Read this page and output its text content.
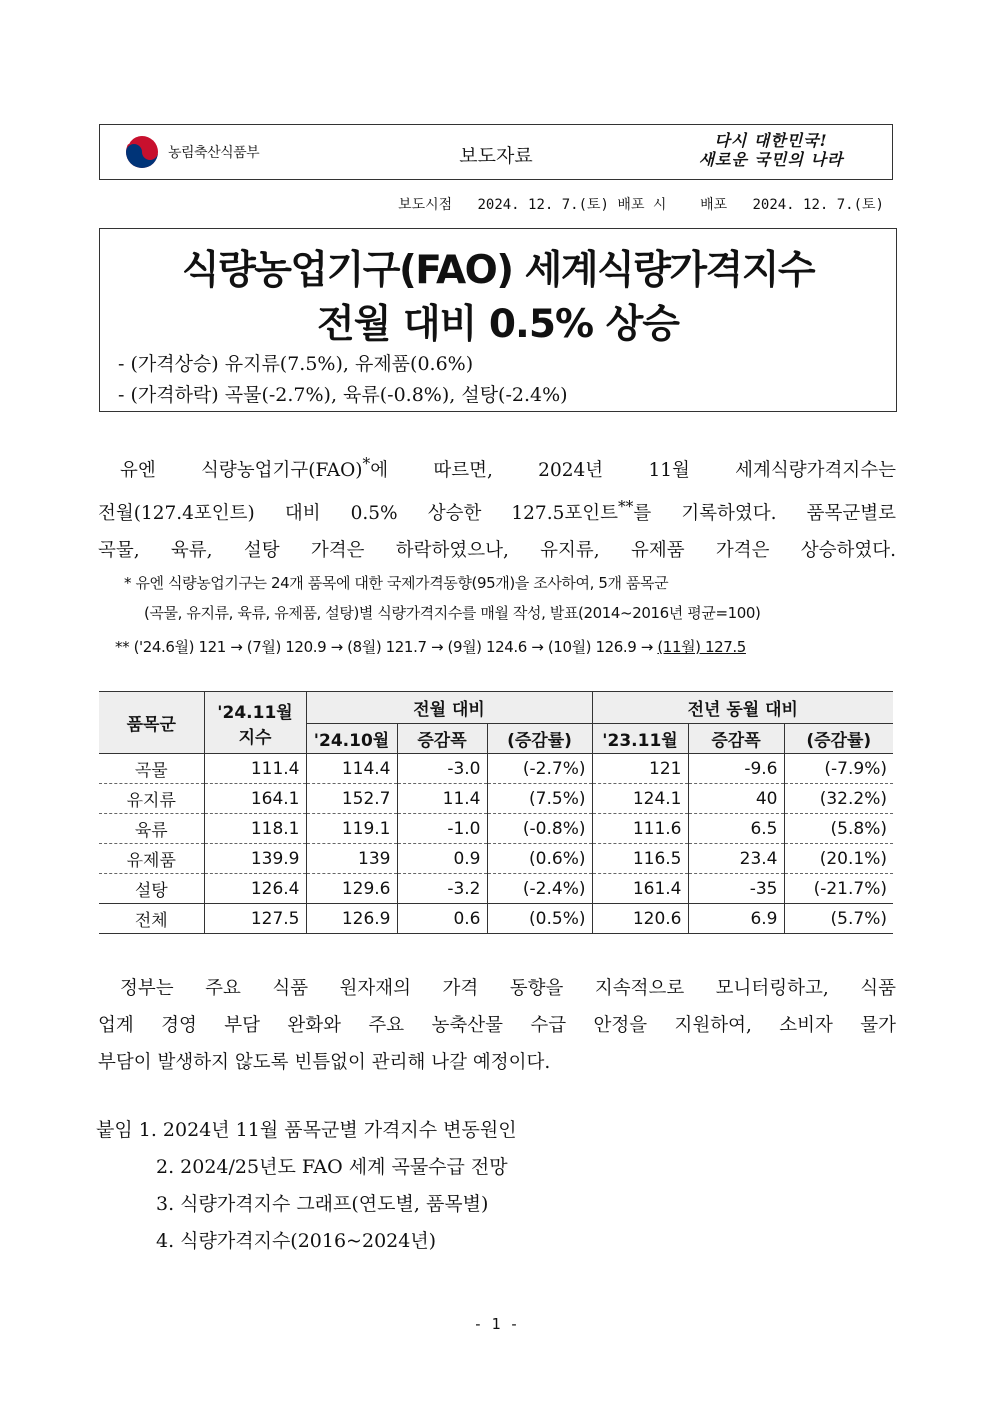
농림축산식품부	보도자료
다시 대한민국!
새로운 국민의 나라
보도시점   2024. 12. 7.(토) 배포 시    배포   2024. 12. 7.(토)
식량농업기구(FAO) 세계식량가격지수
전월 대비 0.5% 상승
- (가격상승) 유지류(7.5%), 유제품(0.6%)
- (가격하락) 곡물(-2.7%), 육류(-0.8%), 설탕(-2.4%)
유엔 식량농업기구(FAO)*에 따르면, 2024년 11월 세계식량가격지수는
전월(127.4포인트) 대비 0.5% 상승한 127.5포인트**를 기록하였다. 품목군별로
곡물, 육류, 설탕 가격은 하락하였으나, 유지류, 유제품 가격은 상승하였다.
* 유엔 식량농업기구는 24개 품목에 대한 국제가격동향(95개)을 조사하여, 5개 품목군
(곡물, 유지류, 육류, 유제품, 설탕)별 식량가격지수를 매월 작성, 발표(2014~2016년 평균=100)
** ('24.6월) 121 → (7월) 120.9 → (8월) 121.7 → (9월) 124.6 → (10월) 126.9 → (11월) 127.5
품목군	'24.11월 지수	전월 대비			전년 동월 대비		
		'24.10월	증감폭	(증감률)	'23.11월	증감폭	(증감률)
곡물	111.4	114.4	-3.0	(-2.7%)	121	-9.6	(-7.9%)
유지류	164.1	152.7	11.4	(7.5%)	124.1	40	(32.2%)
육류	118.1	119.1	-1.0	(-0.8%)	111.6	6.5	(5.8%)
유제품	139.9	139	0.9	(0.6%)	116.5	23.4	(20.1%)
설탕	126.4	129.6	-3.2	(-2.4%)	161.4	-35	(-21.7%)
전체	127.5	126.9	0.6	(0.5%)	120.6	6.9	(5.7%)
정부는 주요 식품 원자재의 가격 동향을 지속적으로 모니터링하고, 식품
업계 경영 부담 완화와 주요 농축산물 수급 안정을 지원하여, 소비자 물가
부담이 발생하지 않도록 빈틈없이 관리해 나갈 예정이다.
붙임 1. 2024년 11월 품목군별 가격지수 변동원인
2. 2024/25년도 FAO 세계 곡물수급 전망
3. 식량가격지수 그래프(연도별, 품목별)
4. 식량가격지수(2016~2024년)
- 1 -
